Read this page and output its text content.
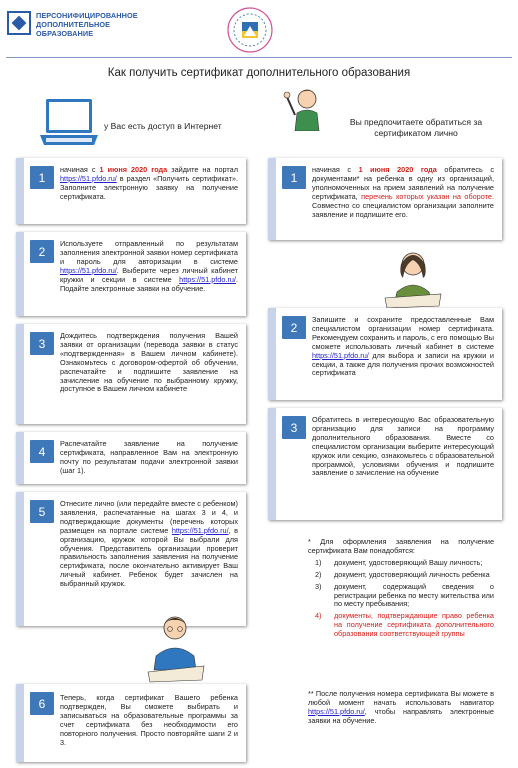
ПЕРСОНИФИЦИРОВАННОЕ
ДОПОЛНИТЕЛЬНОЕ
ОБРАЗОВАНИЕ
Как получить сертификат дополнительного образования
у Вас есть доступ в Интернет	Вы предпочитаете обратиться за сертификатом лично
1
начиная с 1 июня 2020 года зайдите на портал https://51.pfdo.ru/ в раздел «Получить сертификат». Заполните электронную заявку на получение сертификата.
2
Используете отправленный по результатам заполнения электронной заявки номер сертификата и пароль для авторизации в системе https://51.pfdo.ru/. Выберите через личный кабинет кружки и секции в системе https://51.pfdo.ru/. Подайте электронные заявки на обучение.
3
Дождитесь подтверждения получения Вашей заявки от организации (перевода заявки в статус «подтвержденная» в Вашем личном кабинете). Ознакомьтесь с договором-офертой об обучении, распечатайте и подпишите заявление на зачисление на обучение по выбранному кружку, доступное в Вашем личном кабинете
4
Распечатайте заявление на получение сертификата, направленное Вам на электронную почту по результатам подачи электронной заявки (шаг 1).
5
Отнесите лично (или передайте вместе с ребенком) заявления, распечатанные на шагах 3 и 4, и подтверждающие документы (перечень которых размещен на портале системе https://51.pfdo.ru/, в организацию, кружок которой Вы выбрали для обучения. Представитель организации проверит правильность заполнения заявления на получение сертификата, после окончательно активирует Ваш личный кабинет. Ребенок будет зачислен на выбранный кружок.
6	Теперь, когда сертификат Вашего ребенка подтвержден, Вы сможете выбирать и записываться на образовательные программы за счет сертификата без необходимости его повторного получения. Просто повторяйте шаги 2 и 3.
1
начиная с 1 июня 2020 года обратитесь с документами* на ребенка в одну из организаций, уполномоченных на прием заявлений на получение сертификата, перечень которых указан на обороте. Совместно со специалистом организации заполните заявление и подпишите его.
2
Запишите и сохраните предоставленные Вам специалистом организации номер сертификата. Рекомендуем сохранить и пароль, с его помощью Вы сможете использовать личный кабинет в системе https://51.pfdo.ru/ для выбора и записи на кружки и секции, а также для получения прочих возможностей сертификата
3
Обратитесь в интересующую Вас образовательную организацию для записи на программу дополнительного образования. Вместе со специалистом организации выберите интересующий кружок или секцию, ознакомьтесь с образовательной программой, условиями обучения и подпишите заявление о зачисление на обучение
* Для оформления заявления на получение сертификата Вам понадобятся:
1) документ, удостоверяющий Вашу личность;
2) документ, удостоверяющий личность ребенка
3) документ, содержащий сведения о регистрации ребенка по месту жительства или по месту пребывания;
4) документы, подтверждающие право ребенка на получение сертификата дополнительного образования соответствующей группы
** После получения номера сертификата Вы можете в любой момент начать использовать навигатор https://51.pfdo.ru/, чтобы направлять электронные заявки на обучение.
